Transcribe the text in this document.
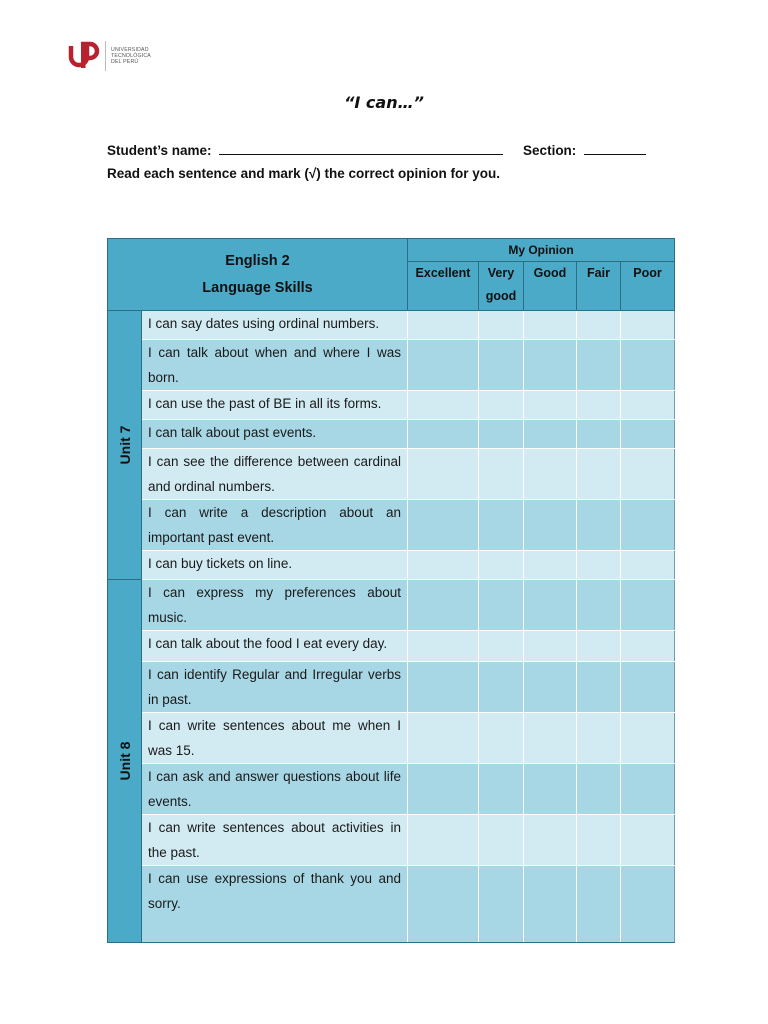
UNIVERSIDAD
TECNOLÓGICA
DEL PERÚ
“I can…”
Student’s name:	Section:
Read each sentence and mark (√) the correct opinion for you.
English 2
Language Skills		My Opinion				
		Excellent	Very good	Good	Fair	Poor

Unit 7	I can say dates using ordinal numbers.					
	I can talk about when and where I was born.					
	I can use the past of BE in all its forms.					
	I can talk about past events.					
	I can see the difference between cardinal and ordinal numbers.					
	I can write a description about an important past event.					
	I can buy tickets on line.					

Unit 8	I can express my preferences about music.					
	I can talk about the food I eat every day.					
	I can identify Regular and Irregular verbs in past.					
	I can write sentences about me when I was 15.					
	I can ask and answer questions about life events.					
	I can write sentences about activities in the past.					
	I can use expressions of thank you and sorry.					
